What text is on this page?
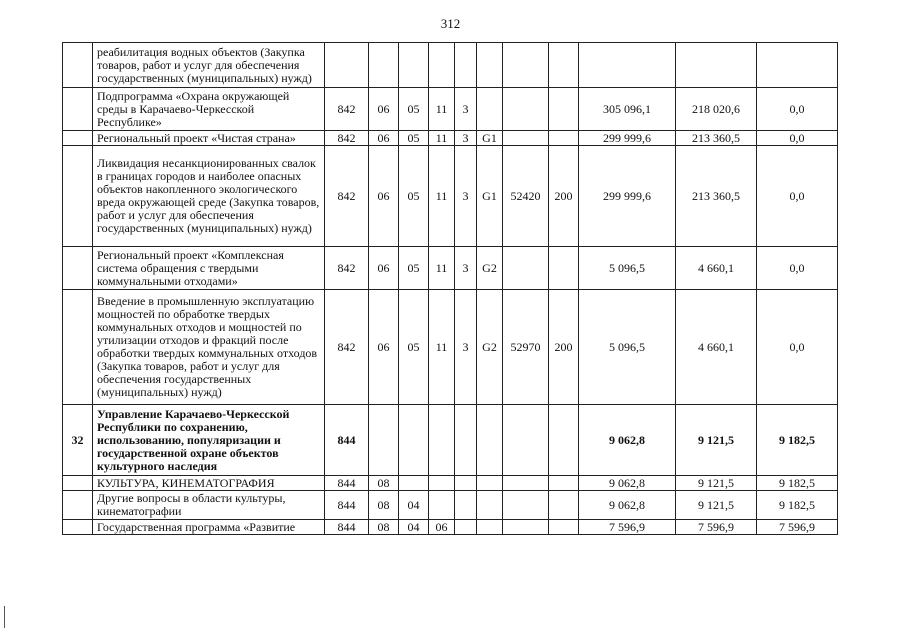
312
	реабилитация водных объектов (Закупка товаров, работ и услуг для обеспечения государственных (муниципальных) нужд)											
	Подпрограмма «Охрана окружающей среды в Карачаево-Черкесской Республике»	842	06	05	11	3				305 096,1	218 020,6	0,0
	Региональный проект «Чистая страна»	842	06	05	11	3	G1			299 999,6	213 360,5	0,0
	Ликвидация несанкционированных свалок в границах городов и наиболее опасных объектов накопленного экологического вреда окружающей среде (Закупка товаров, работ и услуг для обеспечения государственных (муниципальных) нужд)	842	06	05	11	3	G1	52420	200	299 999,6	213 360,5	0,0
	Региональный проект «Комплексная система обращения с твердыми коммунальными отходами»	842	06	05	11	3	G2			5 096,5	4 660,1	0,0
	Введение в промышленную эксплуатацию мощностей по обработке твердых коммунальных отходов и мощностей по утилизации отходов и фракций после обработки твердых коммунальных отходов (Закупка товаров, работ и услуг для обеспечения государственных (муниципальных) нужд)	842	06	05	11	3	G2	52970	200	5 096,5	4 660,1	0,0
32	Управление Карачаево-Черкесской Республики по сохранению, использованию, популяризации и государственной охране объектов культурного наследия	844								9 062,8	9 121,5	9 182,5
	КУЛЬТУРА, КИНЕМАТОГРАФИЯ	844	08							9 062,8	9 121,5	9 182,5
	Другие вопросы в области культуры, кинематографии	844	08	04						9 062,8	9 121,5	9 182,5
	Государственная программа «Развитие	844	08	04	06					7 596,9	7 596,9	7 596,9
